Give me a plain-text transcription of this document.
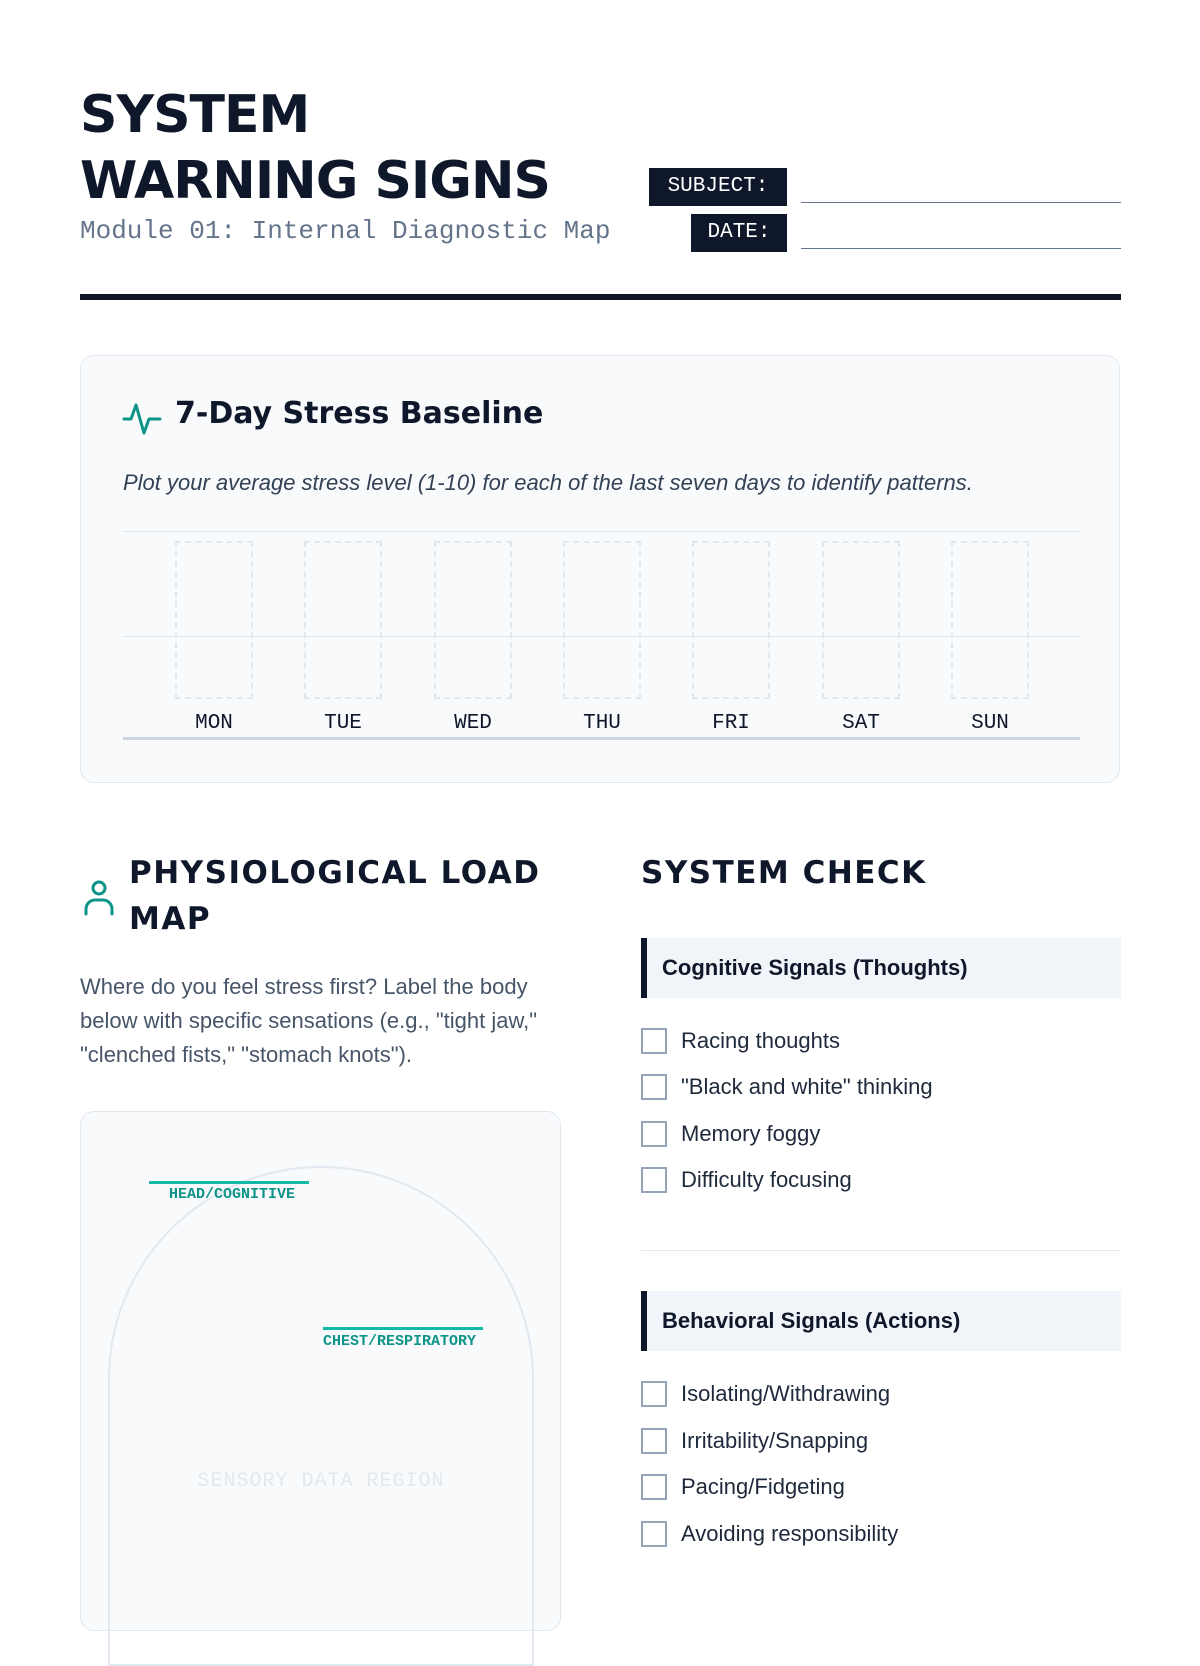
SYSTEM
WARNING SIGNS
Module 01: Internal Diagnostic Map
SUBJECT:
DATE:
7-Day Stress Baseline
Plot your average stress level (1-10) for each of the last seven days to identify patterns.
MON	TUE	WED	THU	FRI	SAT	SUN
PHYSIOLOGICAL LOAD MAP
Where do you feel stress first? Label the body below with specific sensations (e.g., "tight jaw," "clenched fists," "stomach knots").
HEAD/COGNITIVE
CHEST/RESPIRATORY
SENSORY DATA REGION
SYSTEM CHECK
Cognitive Signals (Thoughts)
Racing thoughts
"Black and white" thinking
Memory foggy
Difficulty focusing
Behavioral Signals (Actions)
Isolating/Withdrawing
Irritability/Snapping
Pacing/Fidgeting
Avoiding responsibility
